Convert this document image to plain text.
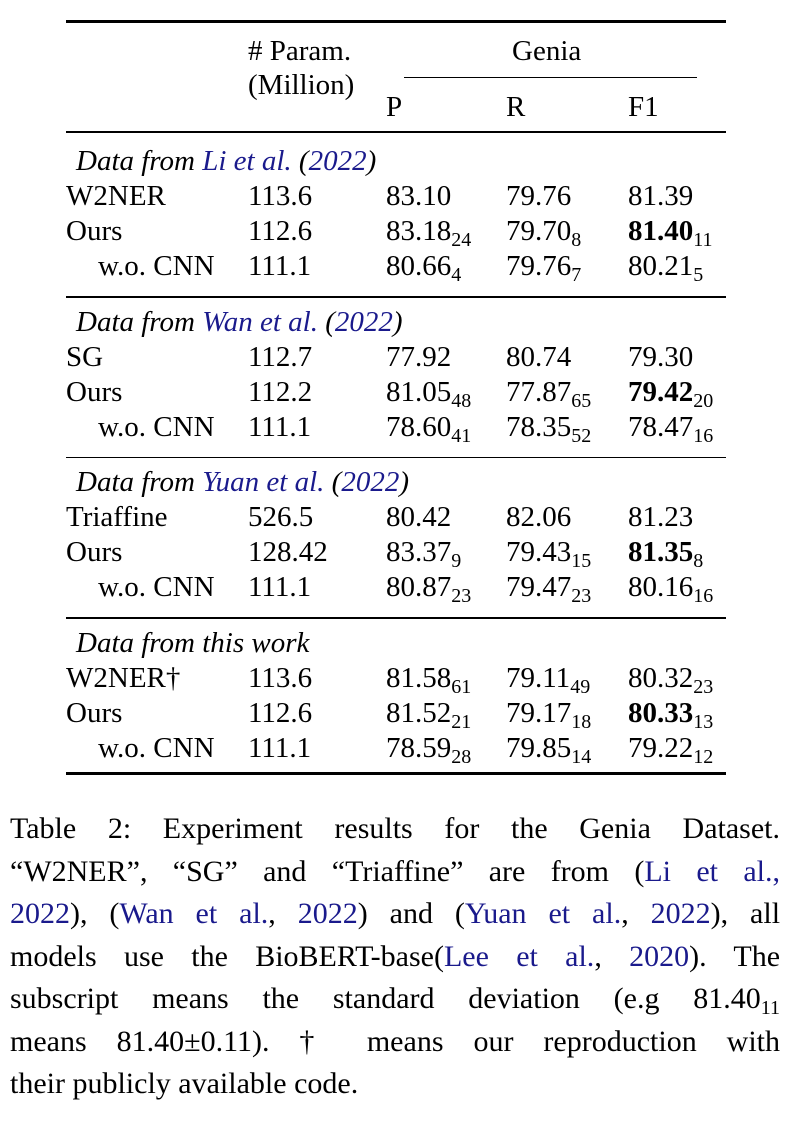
# Param.
(Million)
Genia
P	R	F1
Data from Li et al. (2022)
W2NER	113.6	83.10 79.76 81.39
Ours	112.6	$83.18_{24}$ $79.70_8$ $81.40_{11}$
w.o. CNN 111.1	$80.66_4$ $79.76_7$ $80.21_5$
Data from Wan et al. (2022)
SG	112.7	77.92 80.74 79.30
Ours	112.2	$81.05_{48}$ $77.87_{65}$ $79.42_{20}$
w.o. CNN 111.1	$78.60_{41}$ $78.35_{52}$ $78.47_{16}$
Data from Yuan et al. (2022)
Triaffine	526.5	80.42 82.06 81.23
Ours	128.42 $83.37_9$ $79.43_{15}$ $81.35_8$
w.o. CNN 111.1	$80.87_{23}$ $79.47_{23}$ $80.16_{16}$
Data from this work
W2NER† 113.6	$81.58_{61}$ $79.11_{49}$ $80.32_{23}$
Ours	112.6	$81.52_{21}$ $79.17_{18}$ $80.33_{13}$
w.o. CNN 111.1	$78.59_{28}$ $79.85_{14}$ $79.22_{12}$
Table 2: Experiment results for the Genia Dataset.
“W2NER”, “SG” and “Triaffine” are from (Li et al.,
2022), (Wan et al., 2022) and (Yuan et al., 2022), all
models use the BioBERT-base(Lee et al., 2020). The
subscript means the standard deviation (e.g $81.40_{11}$
means 81.40±0.11). † means our reproduction with
their publicly available code.
